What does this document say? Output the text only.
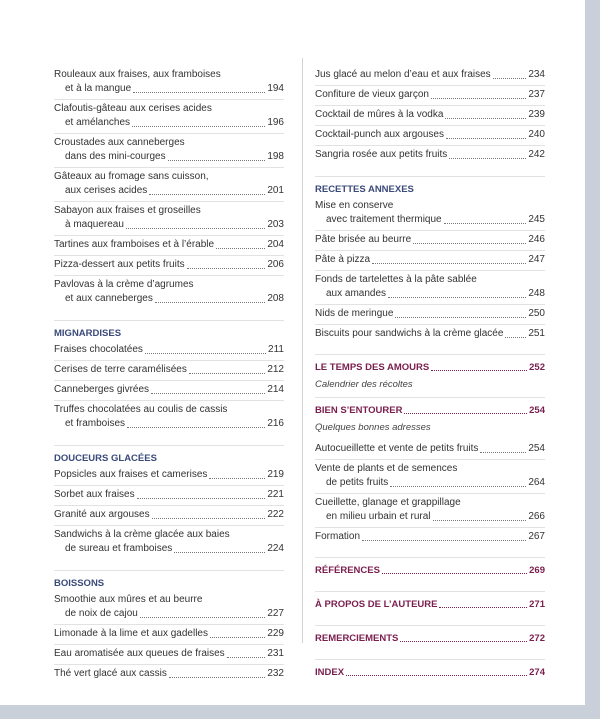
Rouleaux aux fraises, aux framboises
et à la mangue	194
Clafoutis-gâteau aux cerises acides
et amélanches	196
Croustades aux canneberges
dans des mini-courges	198
Gâteaux au fromage sans cuisson,
aux cerises acides	201
Sabayon aux fraises et groseilles
à maquereau	203
Tartines aux framboises et à l’érable	204
Pizza-dessert aux petits fruits	206
Pavlovas à la crème d’agrumes
et aux canneberges	208
MIGNARDISES
Fraises chocolatées	211
Cerises de terre caramélisées	212
Canneberges givrées	214
Truffes chocolatées au coulis de cassis
et framboises	216
DOUCEURS GLACÉES
Popsicles aux fraises et camerises	219
Sorbet aux fraises	221
Granité aux argouses	222
Sandwichs à la crème glacée aux baies
de sureau et framboises	224
BOISSONS
Smoothie aux mûres et au beurre
de noix de cajou	227
Limonade à la lime et aux gadelles	229
Eau aromatisée aux queues de fraises	231
Thé vert glacé aux cassis	232
Jus glacé au melon d’eau et aux fraises	234
Confiture de vieux garçon	237
Cocktail de mûres à la vodka	239
Cocktail-punch aux argouses	240
Sangria rosée aux petits fruits	242
RECETTES ANNEXES
Mise en conserve
avec traitement thermique	245
Pâte brisée au beurre	246
Pâte à pizza	247
Fonds de tartelettes à la pâte sablée
aux amandes	248
Nids de meringue	250
Biscuits pour sandwichs à la crème glacée 251
LE TEMPS DES AMOURS	252
Calendrier des récoltes
BIEN S’ENTOURER	254
Quelques bonnes adresses
Autocueillette et vente de petits fruits	254
Vente de plants et de semences
de petits fruits	264
Cueillette, glanage et grappillage
en milieu urbain et rural	266
Formation	267
RÉFÉRENCES	269
À PROPOS DE L’AUTEURE	271
REMERCIEMENTS	272
INDEX	274
